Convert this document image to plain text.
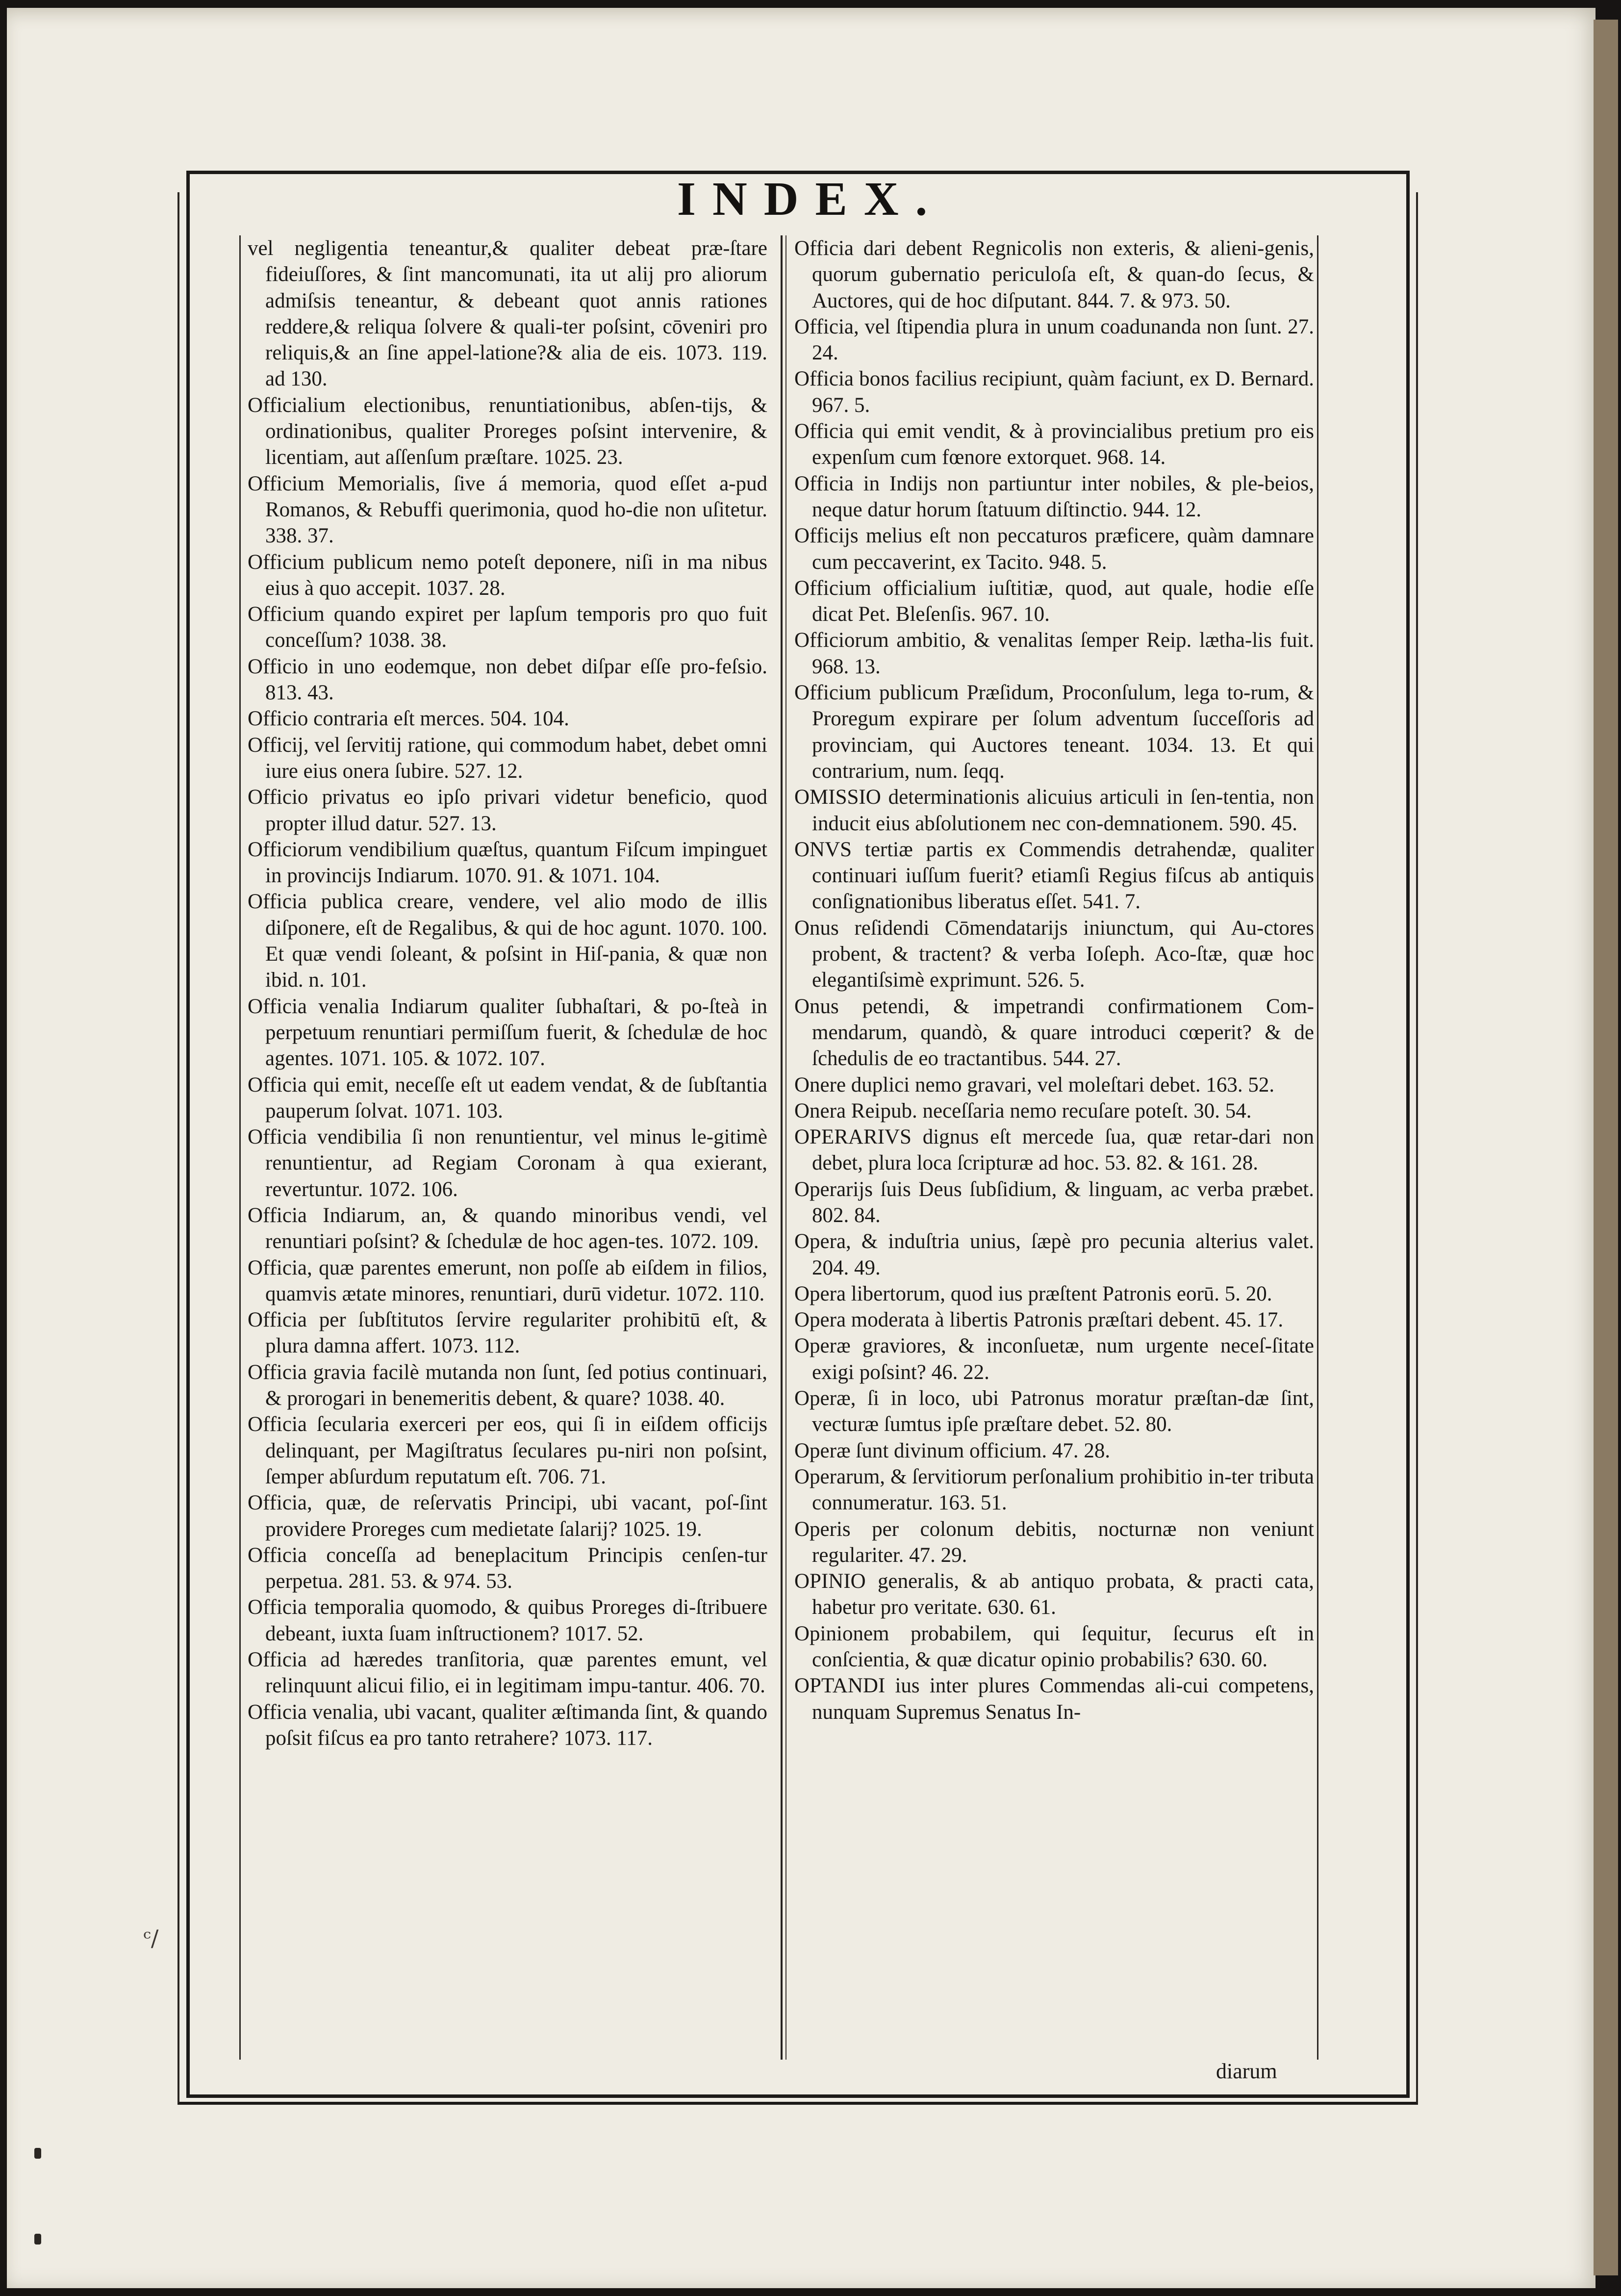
INDEX.

vel negligentia teneantur,& qualiter debeat præ-ſtare fideiuſſores, & ſint mancomunati, ita ut alij pro aliorum admiſsis teneantur, & debeant quot annis rationes reddere,& reliqua ſolvere & quali-ter poſsint, cōveniri pro reliquis,& an ſine appel-latione?& alia de eis. 1073. 119. ad 130.

Officialium electionibus, renuntiationibus, abſen-tijs, & ordinationibus, qualiter Proreges poſsint intervenire, & licentiam, aut aſſenſum præſtare. 1025. 23.

Officium Memorialis, ſive á memoria, quod eſſet a-pud Romanos, & Rebuffi querimonia, quod ho-die non uſitetur. 338. 37.

Officium publicum nemo poteſt deponere, niſi in ma nibus eius à quo accepit. 1037. 28.

Officium quando expiret per lapſum temporis pro quo fuit conceſſum? 1038. 38.

Officio in uno eodemque, non debet diſpar eſſe pro-feſsio. 813. 43.

Officio contraria eſt merces. 504. 104.

Officij, vel ſervitij ratione, qui commodum habet, debet omni iure eius onera ſubire. 527. 12.

Officio privatus eo ipſo privari videtur beneficio, quod propter illud datur. 527. 13.

Officiorum vendibilium quæſtus, quantum Fiſcum impinguet in provincijs Indiarum. 1070. 91. & 1071. 104.

Officia publica creare, vendere, vel alio modo de illis diſponere, eſt de Regalibus, & qui de hoc agunt. 1070. 100. Et quæ vendi ſoleant, & poſsint in Hiſ-pania, & quæ non ibid. n. 101.

Officia venalia Indiarum qualiter ſubhaſtari, & po-ſteà in perpetuum renuntiari permiſſum fuerit, & ſchedulæ de hoc agentes. 1071. 105. & 1072. 107.

Officia qui emit, neceſſe eſt ut eadem vendat, & de ſubſtantia pauperum ſolvat. 1071. 103.

Officia vendibilia ſi non renuntientur, vel minus le-gitimè renuntientur, ad Regiam Coronam à qua exierant, revertuntur. 1072. 106.

Officia Indiarum, an, & quando minoribus vendi, vel renuntiari poſsint? & ſchedulæ de hoc agen-tes. 1072. 109.

Officia, quæ parentes emerunt, non poſſe ab eiſdem in filios, quamvis ætate minores, renuntiari, durū videtur. 1072. 110.

Officia per ſubſtitutos ſervire regulariter prohibitū eſt, & plura damna affert. 1073. 112.

Officia gravia facilè mutanda non ſunt, ſed potius continuari, & prorogari in benemeritis debent, & quare? 1038. 40.

Officia ſecularia exerceri per eos, qui ſi in eiſdem officijs delinquant, per Magiſtratus ſeculares pu-niri non poſsint, ſemper abſurdum reputatum eſt. 706. 71.

Officia, quæ, de reſervatis Principi, ubi vacant, poſ-ſint providere Proreges cum medietate ſalarij? 1025. 19.

Officia conceſſa ad beneplacitum Principis cenſen-tur perpetua. 281. 53. & 974. 53.

Officia temporalia quomodo, & quibus Proreges di-ſtribuere debeant, iuxta ſuam inſtructionem? 1017. 52.

Officia ad hæredes tranſitoria, quæ parentes emunt, vel relinquunt alicui filio, ei in legitimam impu-tantur. 406. 70.

Officia venalia, ubi vacant, qualiter æſtimanda ſint, & quando poſsit fiſcus ea pro tanto retrahere? 1073. 117.

Officia dari debent Regnicolis non exteris, & alieni-genis, quorum gubernatio periculoſa eſt, & quan-do ſecus, & Auctores, qui de hoc diſputant. 844. 7. & 973. 50.

Officia, vel ſtipendia plura in unum coadunanda non ſunt. 27. 24.

Officia bonos facilius recipiunt, quàm faciunt, ex D. Bernard. 967. 5.

Officia qui emit vendit, & à provincialibus pretium pro eis expenſum cum fœnore extorquet. 968. 14.

Officia in Indijs non partiuntur inter nobiles, & ple-beios, neque datur horum ſtatuum diſtinctio. 944. 12.

Officijs melius eſt non peccaturos præficere, quàm damnare cum peccaverint, ex Tacito. 948. 5.

Officium officialium iuſtitiæ, quod, aut quale, hodie eſſe dicat Pet. Bleſenſis. 967. 10.

Officiorum ambitio, & venalitas ſemper Reip. lætha-lis fuit. 968. 13.

Officium publicum Præſidum, Proconſulum, lega to-rum, & Proregum expirare per ſolum adventum ſucceſſoris ad provinciam, qui Auctores teneant. 1034. 13. Et qui contrarium, num. ſeqq.

OMISSIO determinationis alicuius articuli in ſen-tentia, non inducit eius abſolutionem nec con-demnationem. 590. 45.

ONVS tertiæ partis ex Commendis detrahendæ, qualiter continuari iuſſum fuerit? etiamſi Regius fiſcus ab antiquis conſignationibus liberatus eſſet. 541. 7.

Onus reſidendi Cōmendatarijs iniunctum, qui Au-ctores probent, & tractent? & verba Ioſeph. Aco-ſtæ, quæ hoc elegantiſsimè exprimunt. 526. 5.

Onus petendi, & impetrandi confirmationem Com-mendarum, quandò, & quare introduci cœperit? & de ſchedulis de eo tractantibus. 544. 27.

Onere duplici nemo gravari, vel moleſtari debet. 163. 52.

Onera Reipub. neceſſaria nemo recuſare poteſt. 30. 54.

OPERARIVS dignus eſt mercede ſua, quæ retar-dari non debet, plura loca ſcripturæ ad hoc. 53. 82. & 161. 28.

Operarijs ſuis Deus ſubſidium, & linguam, ac verba præbet. 802. 84.

Opera, & induſtria unius, ſæpè pro pecunia alterius valet. 204. 49.

Opera libertorum, quod ius præſtent Patronis eorū. 5. 20.

Opera moderata à libertis Patronis præſtari debent. 45. 17.

Operæ graviores, & inconſuetæ, num urgente neceſ-ſitate exigi poſsint? 46. 22.

Operæ, ſi in loco, ubi Patronus moratur præſtan-dæ ſint, vecturæ ſumtus ipſe præſtare debet. 52. 80.

Operæ ſunt divinum officium. 47. 28.

Operarum, & ſervitiorum perſonalium prohibitio in-ter tributa connumeratur. 163. 51.

Operis per colonum debitis, nocturnæ non veniunt regulariter. 47. 29.

OPINIO generalis, & ab antiquo probata, & practi cata, habetur pro veritate. 630. 61.

Opinionem probabilem, qui ſequitur, ſecurus eſt in conſcientia, & quæ dicatur opinio probabilis? 630. 60.

OPTANDI ius inter plures Commendas ali-cui competens, nunquam Supremus Senatus In-

diarum
ᶜ/
